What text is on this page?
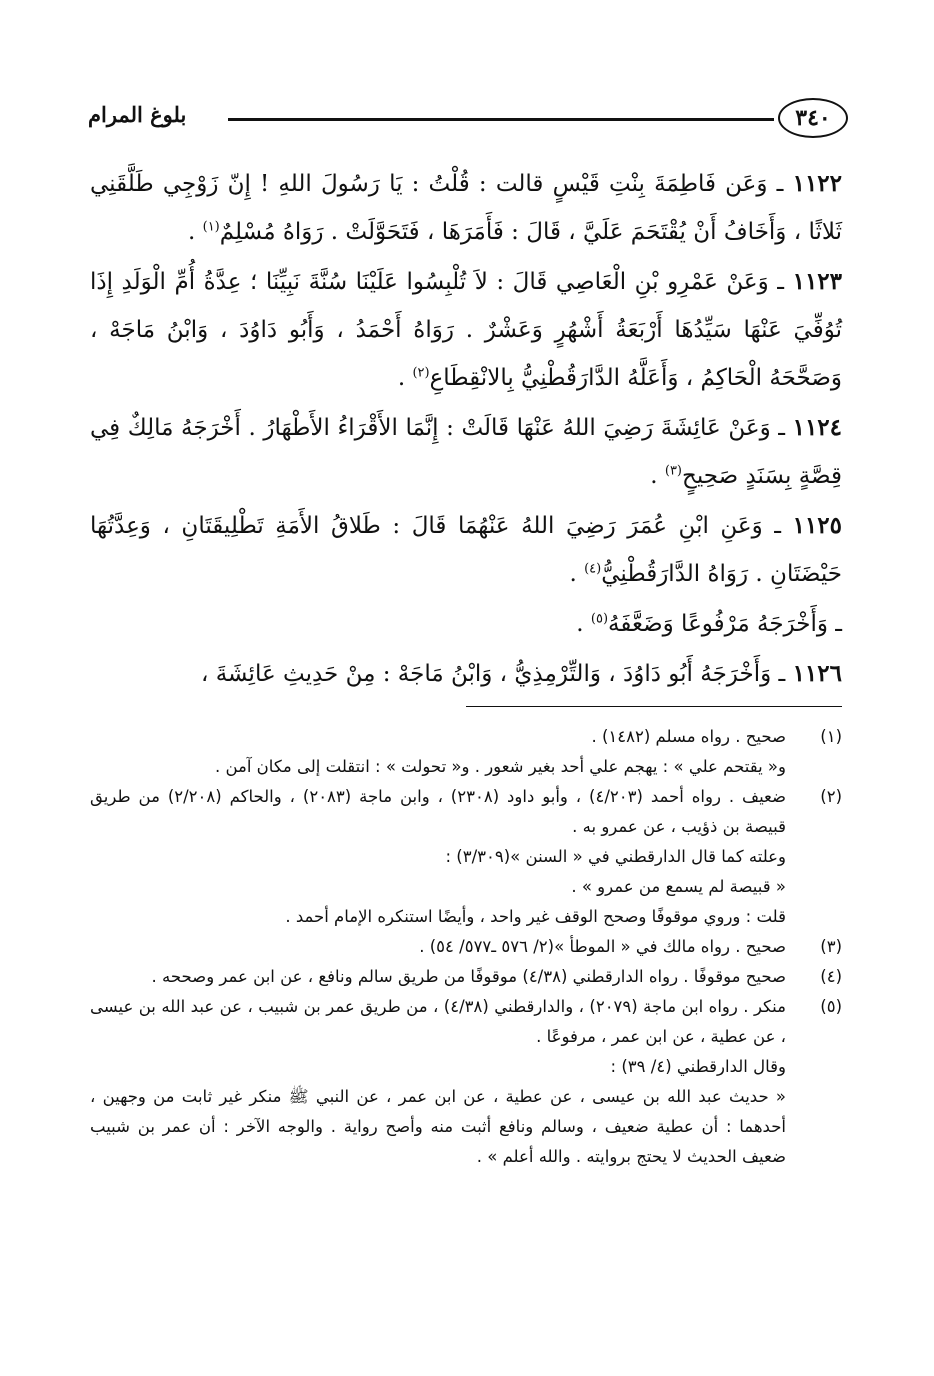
٣٤٠
بلوغ المرام

١١٢٢ ـ وَعَن فَاطِمَةَ بِنْتِ قَيْسٍ قالت : قُلْتُ : يَا رَسُولَ اللهِ ! إِنّ زَوْجِي طَلَّقَنِي ثَلاثًا ، وَأَخَافُ أَنْ يُقْتَحَمَ عَلَيَّ ، قَالَ : فَأَمَرَهَا ، فَتَحَوَّلَتْ . رَوَاهُ مُسْلِمٌ$^{(١)}$ .

١١٢٣ ـ وَعَنْ عَمْرِو بْنِ الْعَاصِي قَالَ : لاَ تُلْبِسُوا عَلَيْنَا سُنَّةَ نَبِيِّنَا ؛ عِدَّةُ أُمِّ الْوَلَدِ إِذَا تُوُفِّيَ عَنْهَا سَيِّدُهَا أَرْبَعَةُ أَشْهُرٍ وَعَشْرٌ . رَوَاهُ أَحْمَدُ ، وَأَبُو دَاوُدَ ، وَابْنُ مَاجَهْ ، وَصَحَّحَهُ الْحَاكِمُ ، وَأَعَلَّهُ الدَّارَقُطْنِيُّ بِالانْقِطَاعِ$^{(٢)}$ .

١١٢٤ ـ وَعَنْ عَائِشَةَ رَضِيَ اللهُ عَنْهَا قَالَتْ : إِنَّمَا الأَقْرَاءُ الأَطْهَارُ . أَخْرَجَهُ مَالِكٌ فِي قِصَّةٍ بِسَنَدٍ صَحِيحٍ$^{(٣)}$ .

١١٢٥ ـ وَعَنِ ابْنِ عُمَرَ رَضِيَ اللهُ عَنْهُمَا قَالَ : طَلاقُ الأَمَةِ تَطْلِيقَتَانِ ، وَعِدَّتُهَا حَيْضَتَانِ . رَوَاهُ الدَّارَقُطْنِيُّ$^{(٤)}$ .

ـ وَأَخْرَجَهُ مَرْفُوعًا وَضَعَّفَهُ$^{(٥)}$ .

١١٢٦ ـ وَأَخْرَجَهُ أَبُو دَاوُدَ ، وَالتِّرْمِذِيُّ ، وَابْنُ مَاجَهْ : مِنْ حَدِيثِ عَائِشَةَ ،

(١)
صحيح . رواه مسلم (١٤٨٢) .
و« يقتحم علي » : يهجم علي أحد بغير شعور . و« تحولت » : انتقلت إلى مكان آمن .
(٢)
ضعيف . رواه أحمد (٤/٢٠٣) ، وأبو داود (٢٣٠٨) ، وابن ماجة (٢٠٨٣) ، والحاكم (٢/٢٠٨) من طريق قبيصة بن ذؤيب ، عن عمرو به .
وعلته كما قال الدارقطني في « السنن »(٣/٣٠٩) :
« قبيصة لم يسمع من عمرو » .
قلت : وروي موقوفًا وصحح الوقف غير واحد ، وأيضًا استنكره الإمام أحمد .
(٣)
صحيح . رواه مالك في « الموطأ »(٢/ ٥٧٦ ـ٥٧٧/ ٥٤) .
(٤)
صحيح موقوفًا . رواه الدارقطني (٤/٣٨) موقوفًا من طريق سالم ونافع ، عن ابن عمر وصححه .
(٥)
منكر . رواه ابن ماجة (٢٠٧٩) ، والدارقطني (٤/٣٨) ، من طريق عمر بن شبيب ، عن عبد الله بن عيسى ، عن عطية ، عن ابن عمر ، مرفوعًا .
وقال الدارقطني (٤/ ٣٩) :
« حديث عبد الله بن عيسى ، عن عطية ، عن ابن عمر ، عن النبي ﷺ منكر غير ثابت من وجهين ، أحدهما : أن عطية ضعيف ، وسالم ونافع أثبت منه وأصح رواية . والوجه الآخر : أن عمر بن شبيب ضعيف الحديث لا يحتج بروايته . والله أعلم » .
